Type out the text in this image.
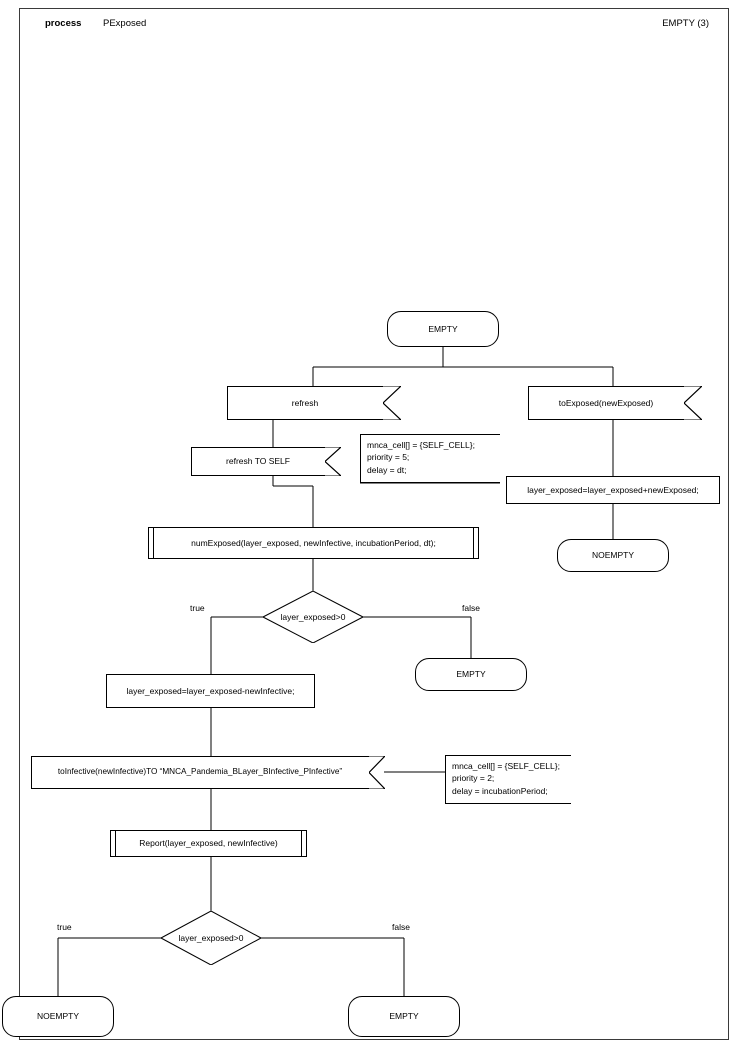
process PExposed	EMPTY (3)
EMPTY
refresh	toExposed(newExposed)
refresh TO SELF
mnca_cell[] = {SELF_CELL};
priority = 5;
delay = dt;
layer_exposed=layer_exposed+newExposed;
NOEMPTY
numExposed(layer_exposed, newInfective, incubationPeriod, dt);
layer_exposed>0
true	false
EMPTY
layer_exposed=layer_exposed-newInfective;
toInfective(newInfective)TO “MNCA_Pandemia_BLayer_BInfective_PInfective”
mnca_cell[] = {SELF_CELL};
priority = 2;
delay = incubationPeriod;
Report(layer_exposed, newInfective)
layer_exposed>0
true	false
NOEMPTY	EMPTY
